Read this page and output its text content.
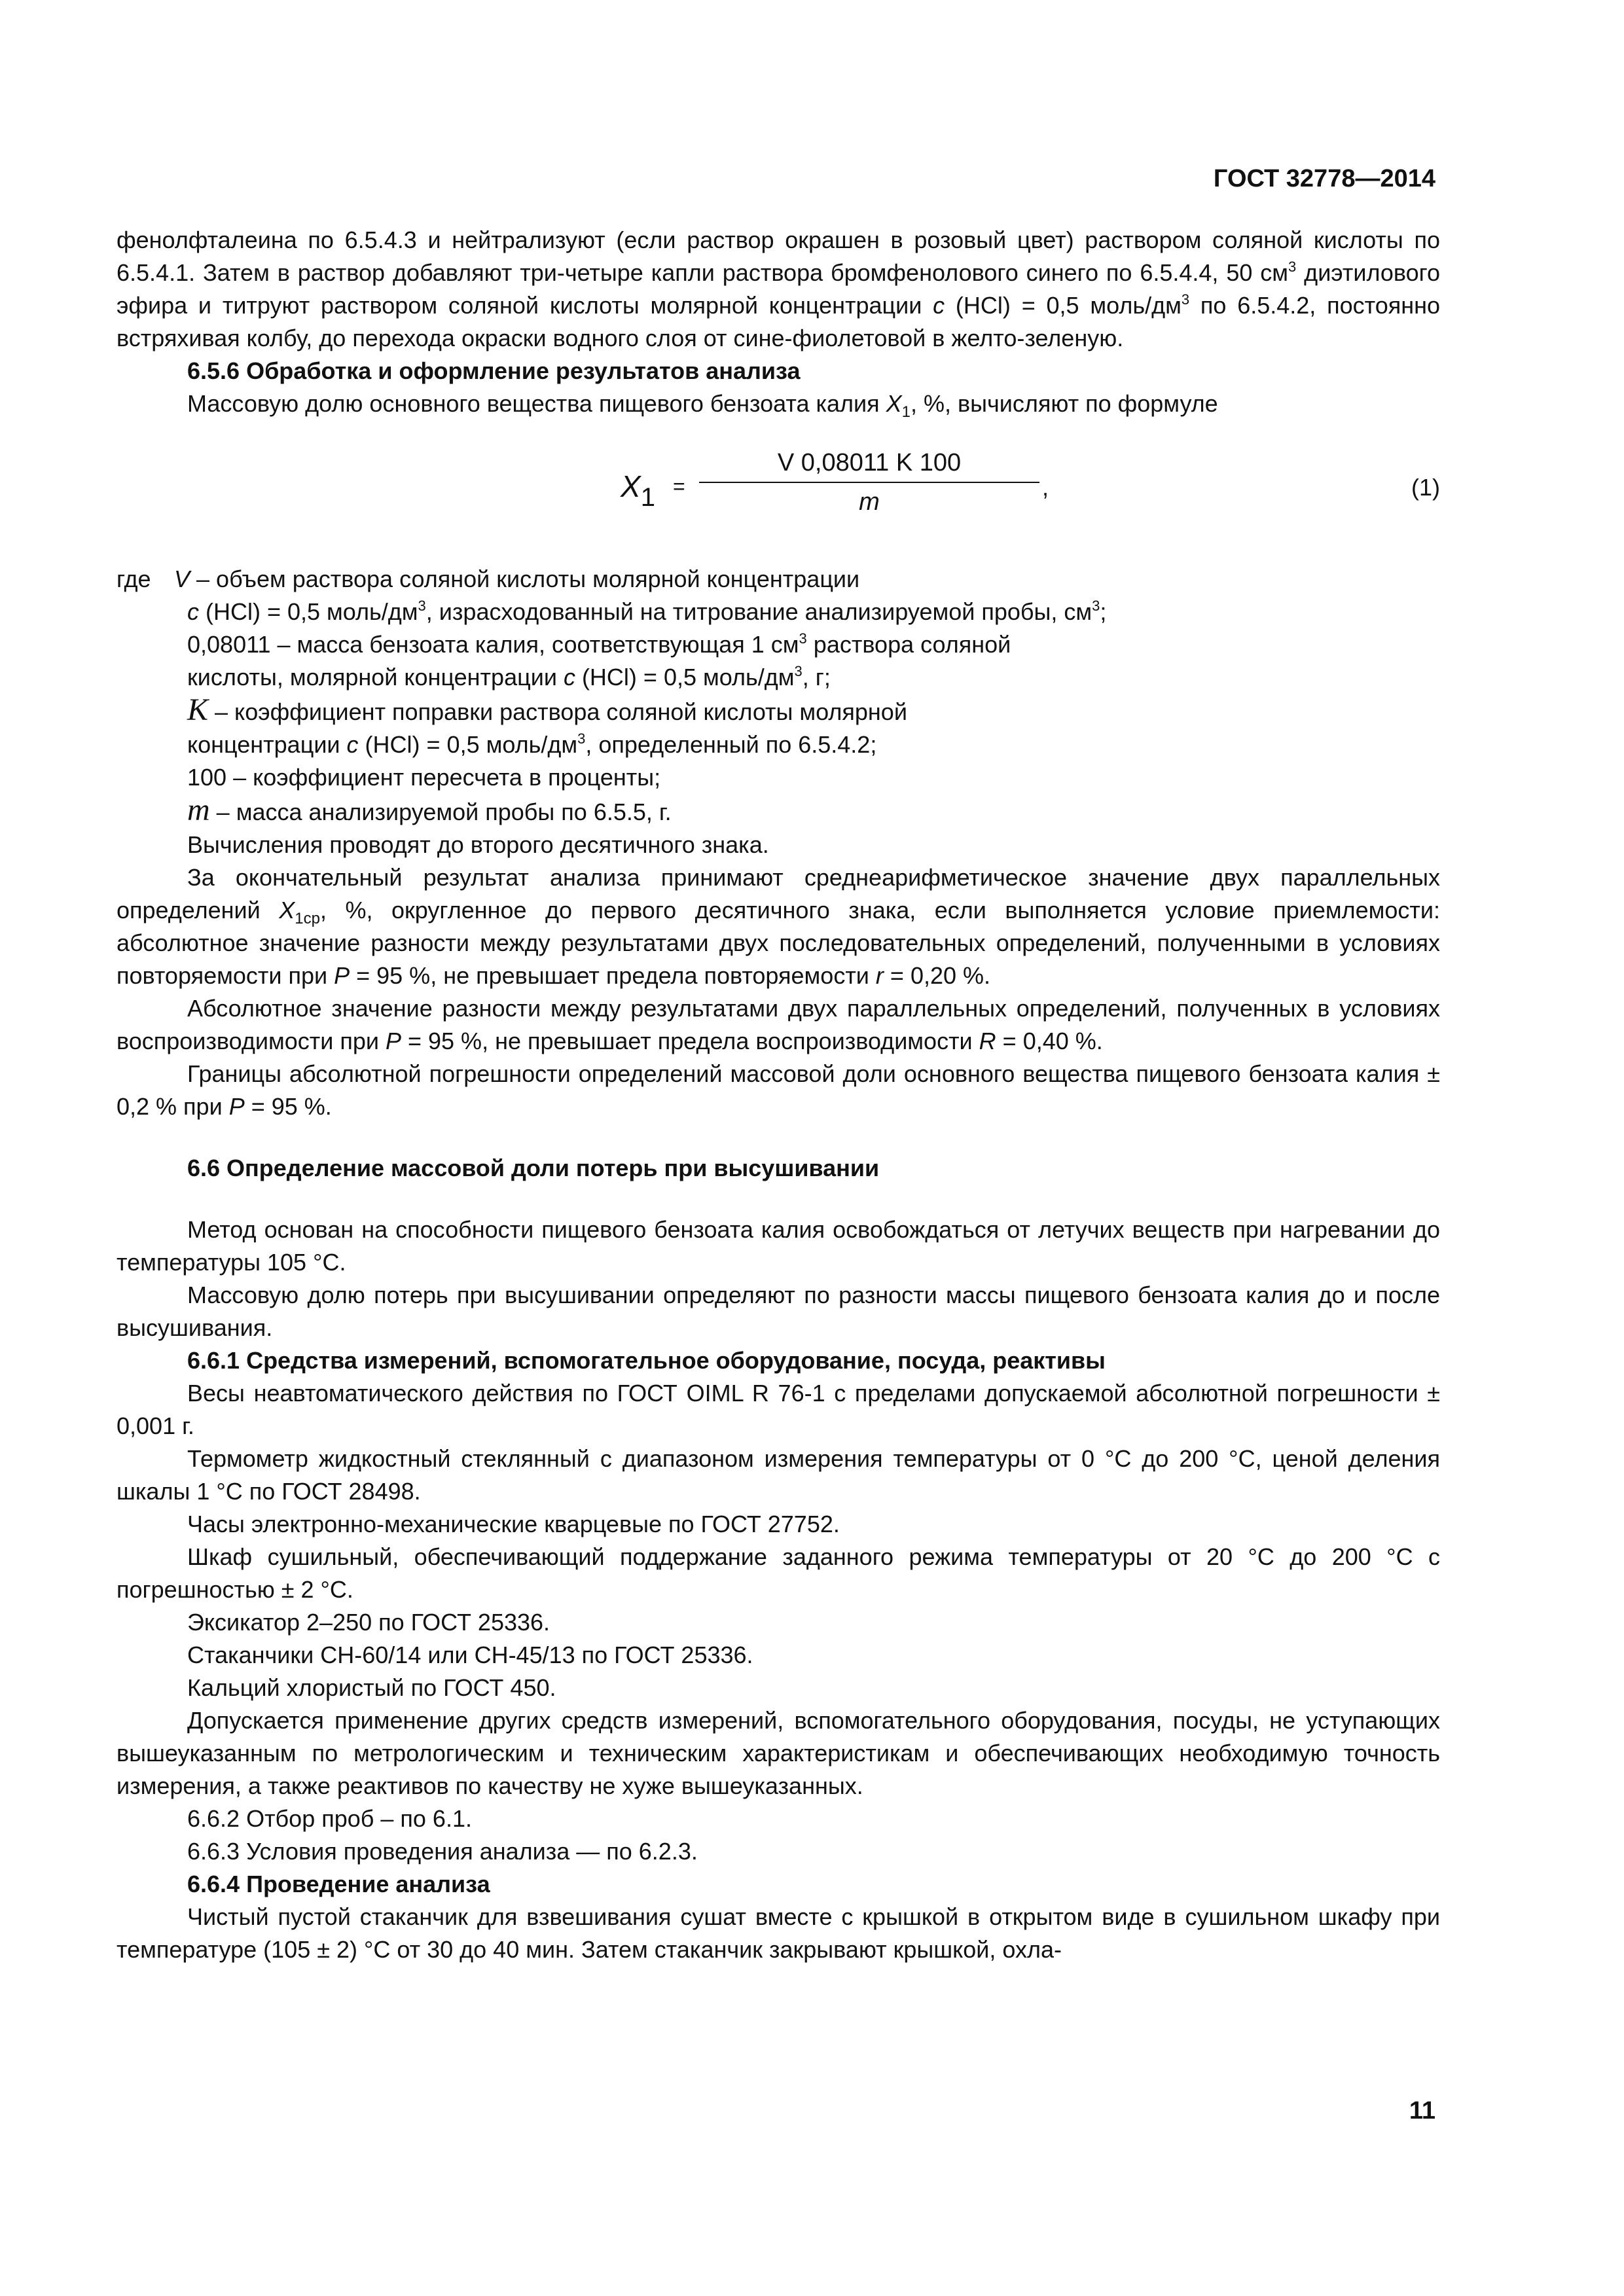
ГОСТ 32778—2014

фенолфталеина по 6.5.4.3 и нейтрализуют (если раствор окрашен в розовый цвет) раствором соляной кислоты по 6.5.4.1. Затем в раствор добавляют три-четыре капли раствора бромфенолового синего по 6.5.4.4, 50 $см^3$ диэтилового эфира и титруют раствором соляной кислоты молярной концентрации с (HCl) = 0,5 моль/$дм^3$ по 6.5.4.2, постоянно встряхивая колбу, до перехода окраски водного слоя от сине-фиолетовой в желто-зеленую.

6.5.6 Обработка и оформление результатов анализа

Массовую долю основного вещества пищевого бензоата калия $X_1$, %, вычисляют по формуле

$X_1$ =
V 0,08011 K 100
m
,	(1)
где V – объем раствора соляной кислоты молярной концентрации

с (HCl) = 0,5 моль/$дм^3$, израсходованный на титрование анализируемой пробы, $см^3$;

0,08011 – масса бензоата калия, соответствующая 1 $см^3$ раствора соляной

кислоты, молярной концентрации с (HCl) = 0,5 моль/$дм^3$, г;

K – коэффициент поправки раствора соляной кислоты молярной

концентрации с (HCl) = 0,5 моль/$дм^3$, определенный по 6.5.4.2;

100 – коэффициент пересчета в проценты;

m – масса анализируемой пробы по 6.5.5, г.

Вычисления проводят до второго десятичного знака.

За окончательный результат анализа принимают среднеарифметическое значение двух параллельных определений $X_{1ср}$, %, округленное до первого десятичного знака, если выполняется условие приемлемости: абсолютное значение разности между результатами двух последовательных определений, полученными в условиях повторяемости при P = 95 %, не превышает предела повторяемости r = 0,20 %.

Абсолютное значение разности между результатами двух параллельных определений, полученных в условиях воспроизводимости при P = 95 %, не превышает предела воспроизводимости R = 0,40 %.

Границы абсолютной погрешности определений массовой доли основного вещества пищевого бензоата калия ± 0,2 % при P = 95 %.

6.6 Определение массовой доли потерь при высушивании

Метод основан на способности пищевого бензоата калия освобождаться от летучих веществ при нагревании до температуры 105 °С.

Массовую долю потерь при высушивании определяют по разности массы пищевого бензоата калия до и после высушивания.

6.6.1 Средства измерений, вспомогательное оборудование, посуда, реактивы

Весы неавтоматического действия по ГОСТ OIML R 76-1 с пределами допускаемой абсолютной погрешности ± 0,001 г.

Термометр жидкостный стеклянный с диапазоном измерения температуры от 0 °С до 200 °С, ценой деления шкалы 1 °С по ГОСТ 28498.

Часы электронно-механические кварцевые по ГОСТ 27752.

Шкаф сушильный, обеспечивающий поддержание заданного режима температуры от 20 °С до 200 °С с погрешностью ± 2 °С.

Эксикатор 2–250 по ГОСТ 25336.

Стаканчики СН-60/14 или СН-45/13 по ГОСТ 25336.

Кальций хлористый по ГОСТ 450.

Допускается применение других средств измерений, вспомогательного оборудования, посуды, не уступающих вышеуказанным по метрологическим и техническим характеристикам и обеспечивающих необходимую точность измерения, а также реактивов по качеству не хуже вышеуказанных.

6.6.2 Отбор проб – по 6.1.

6.6.3 Условия проведения анализа — по 6.2.3.

6.6.4 Проведение анализа

Чистый пустой стаканчик для взвешивания сушат вместе с крышкой в открытом виде в сушильном шкафу при температуре (105 ± 2) °С от 30 до 40 мин. Затем стаканчик закрывают крышкой, охла-

11
